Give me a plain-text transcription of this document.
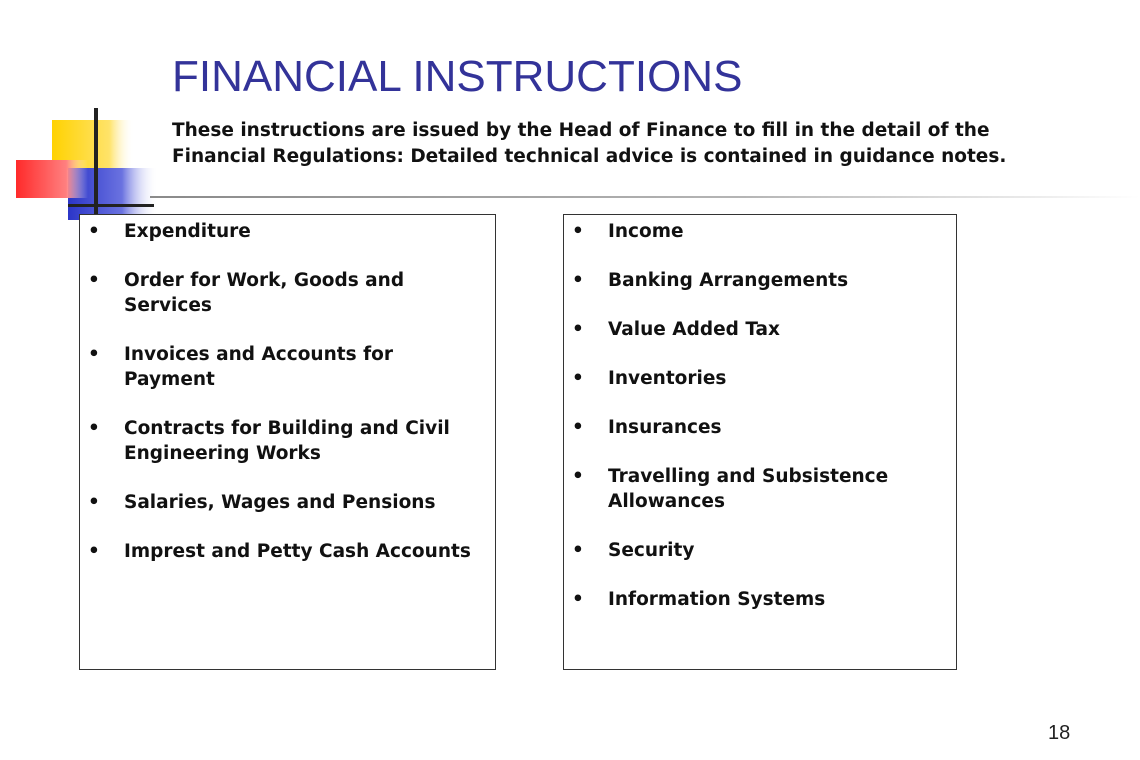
FINANCIAL INSTRUCTIONS
These instructions are issued by the Head of Finance to fill in the detail of the Financial Regulations: Detailed technical advice is contained in guidance notes.
•	Expenditure
•	Order for Work, Goods and Services
•	Invoices and Accounts for Payment
•	Contracts for Building and Civil Engineering Works
•	Salaries, Wages and Pensions
•	Imprest and Petty Cash Accounts
•	Income
•	Banking Arrangements
•	Value Added Tax
•	Inventories
•	Insurances
•	Travelling and Subsistence Allowances
•	Security
•	Information Systems
18
